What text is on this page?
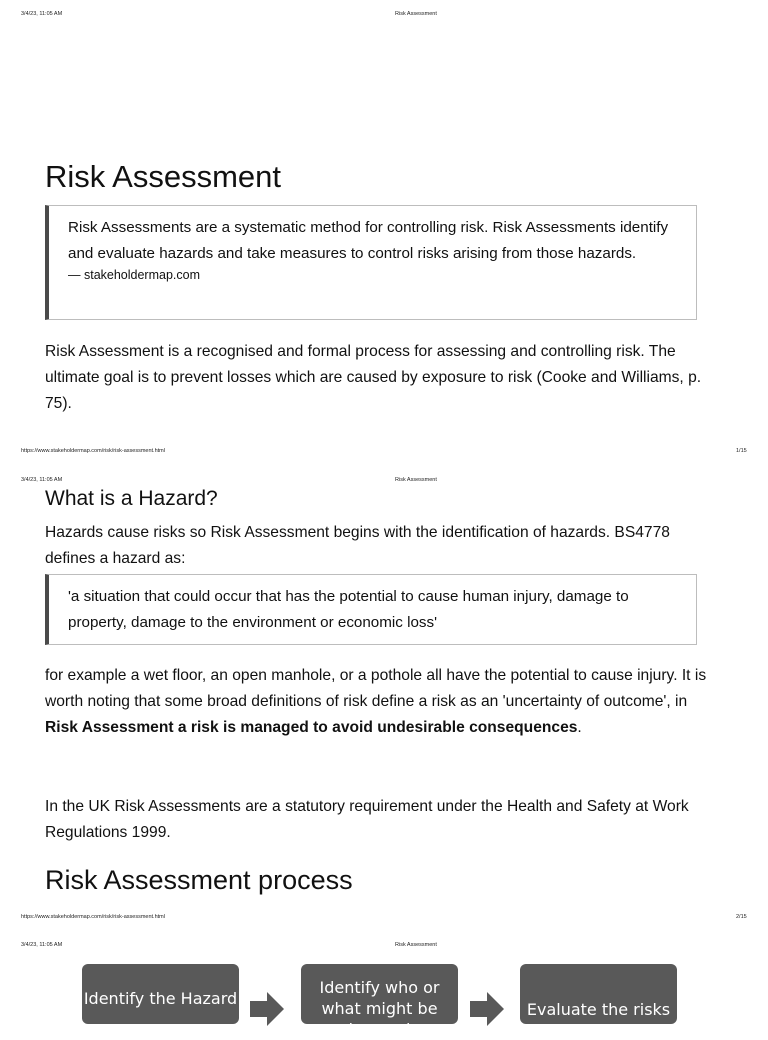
3/4/23, 11:05 AM	Risk Assessment
Risk Assessment

Risk Assessments are a systematic method for controlling risk. Risk Assessments identify and evaluate hazards and take measures to control risks arising from those hazards.

— stakeholdermap.com

Risk Assessment is a recognised and formal process for assessing and controlling risk. The ultimate goal is to prevent losses which are caused by exposure to risk (Cooke and Williams, p. 75).

https://www.stakeholdermap.com/risk/risk-assessment.html	1/15
3/4/23, 11:05 AM	Risk Assessment
What is a Hazard?

Hazards cause risks so Risk Assessment begins with the identification of hazards. BS4778 defines a hazard as:

'a situation that could occur that has the potential to cause human injury, damage to property, damage to the environment or economic loss'

for example a wet floor, an open manhole, or a pothole all have the potential to cause injury. It is worth noting that some broad definitions of risk define a risk as an 'uncertainty of outcome', in Risk Assessment a risk is managed to avoid undesirable consequences.

In the UK Risk Assessments are a statutory requirement under the Health and Safety at Work Regulations 1999.

Risk Assessment process
https://www.stakeholdermap.com/risk/risk-assessment.html	2/15
3/4/23, 11:05 AM	Risk Assessment
Identify the Hazard
Identify who or what might be harmed
Evaluate the risks
